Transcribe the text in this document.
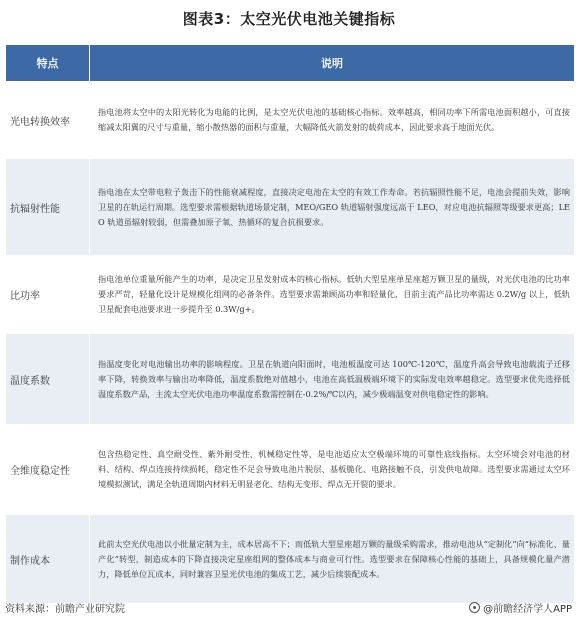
图表3：太空光伏电池关键指标
特点	说明
光电转换效率	指电池将太空中的太阳光转化为电能的比例，是太空光伏电池的基础核心指标。效率越高，相同功率下所需电池面积越小，可直接缩减太阳翼的尺寸与重量，缩小散热器的面积与重量，大幅降低火箭发射的载荷成本，因此要求高于地面光伏。
抗辐射性能	指电池在太空带电粒子轰击下的性能衰减程度，直接决定电池在太空的有效工作寿命。若抗辐照性能不足，电池会提前失效，影响卫星的在轨运行周期。选型要求需根据轨道场景定制，MEO/GEO 轨道辐射强度远高于 LEO，对应电池抗辐照等级要求更高；LEO 轨道虽辐射较弱，但需叠加原子氧、热循环的复合抗损要求。
比功率	指电池单位重量所能产生的功率，是决定卫星发射成本的核心指标。低轨大型星座单星座超万颗卫星的量级，对光伏电池的比功率要求严苛，轻量化设计是规模化组网的必备条件。选型要求需兼顾高功率和轻量化，目前主流产品比功率需达 0.2W/g 以上，低轨卫星配套电池要求进一步提升至 0.3W/g+。
温度系数	指温度变化对电池输出功率的影响程度。卫星在轨道向阳面时，电池板温度可达 100℃-120℃，温度升高会导致电池载流子迁移率下降，转换效率与输出功率降低，温度系数绝对值越小，电池在高低温极端环境下的实际发电效率越稳定。选型要求优先选择低温度系数产品，主流太空光伏电池功率温度系数需控制在-0.2%/℃以内，减少极端温变对供电稳定性的影响。
全维度稳定性	包含热稳定性、真空耐受性、紫外耐受性、机械稳定性等，是电池适应太空极端环境的可靠性底线指标。太空环境会对电池的材料、结构、焊点连接持续损耗，稳定性不足会导致电池片脱层、基板脆化、电路接触不良，引发供电故障。选型要求需通过太空环境模拟测试，满足全轨道周期内材料无明显老化、结构无变形、焊点无开裂的要求。
制作成本	此前太空光伏电池以小批量定制为主，成本居高不下；而低轨大型星座超万颗的量级采购需求，推动电池从“定制化”向“标准化、量产化”转型，制造成本的下降直接决定星座组网的整体成本与商业可行性。选型要求在保障核心性能的基础上，具备规模化量产潜力，降低单位瓦成本，同时兼容卫星光伏电池的集成工艺，减少后续装配成本。
资料来源：前瞻产业研究院	@前瞻经济学人APP
